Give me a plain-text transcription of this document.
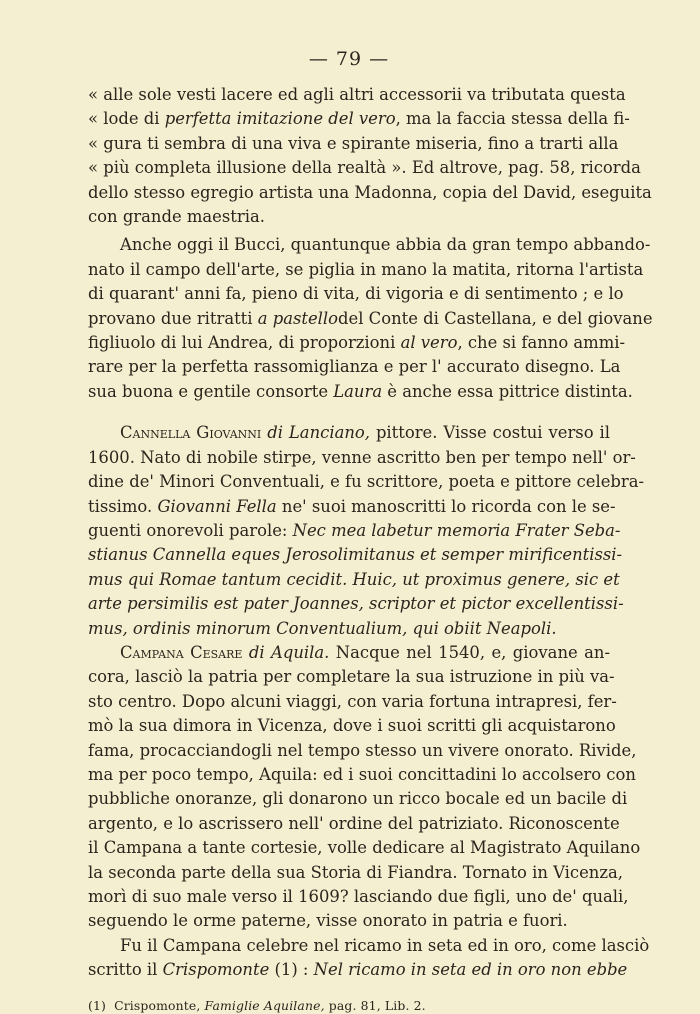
— 79 —
« alle sole vesti lacere ed agli altri accessorii va tributata questa
« lode di perfetta imitazione del vero, ma la faccia stessa della fi-
« gura ti sembra di una viva e spirante miseria, fino a trarti alla
« più completa illusione della realtà ». Ed altrove, pag. 58, ricorda
dello stesso egregio artista una Madonna, copia del David, eseguita
con grande maestria.
Anche oggi il Bucci, quantunque abbia da gran tempo abbando-
nato il campo dell'arte, se piglia in mano la matita, ritorna l'artista
di quarant' anni fa, pieno di vita, di vigoria e di sentimento ; e lo
provano due ritratti a pastellodel Conte di Castellana, e del giovane
figliuolo di lui Andrea, di proporzioni al vero, che si fanno ammi-
rare per la perfetta rassomiglianza e per l' accurato disegno. La
sua buona e gentile consorte Laura è anche essa pittrice distinta.
Cannella Giovanni di Lanciano, pittore. Visse costui verso il
1600. Nato di nobile stirpe, venne ascritto ben per tempo nell' or-
dine de' Minori Conventuali, e fu scrittore, poeta e pittore celebra-
tissimo. Giovanni Fella ne' suoi manoscritti lo ricorda con le se-
guenti onorevoli parole: Nec mea labetur memoria Frater Seba-
stianus Cannella eques Jerosolimitanus et semper mirificentissi-
mus qui Romae tantum cecidit. Huic, ut proximus genere, sic et
arte persimilis est pater Joannes, scriptor et pictor excellentissi-
mus, ordinis minorum Conventualium, qui obiit Neapoli.
Campana Cesare di Aquila. Nacque nel 1540, e, giovane an-
cora, lasciò la patria per completare la sua istruzione in più va-
sto centro. Dopo alcuni viaggi, con varia fortuna intrapresi, fer-
mò la sua dimora in Vicenza, dove i suoi scritti gli acquistarono
fama, procacciandogli nel tempo stesso un vivere onorato. Rivide,
ma per poco tempo, Aquila: ed i suoi concittadini lo accolsero con
pubbliche onoranze, gli donarono un ricco bocale ed un bacile di
argento, e lo ascrissero nell' ordine del patriziato. Riconoscente
il Campana a tante cortesie, volle dedicare al Magistrato Aquilano
la seconda parte della sua Storia di Fiandra. Tornato in Vicenza,
morì di suo male verso il 1609? lasciando due figli, uno de' quali,
seguendo le orme paterne, visse onorato in patria e fuori.
Fu il Campana celebre nel ricamo in seta ed in oro, come lasciò
scritto il Crispomonte (1) : Nel ricamo in seta ed in oro non ebbe
(1) Crispomonte, Famiglie Aquilane, pag. 81, Lib. 2.
